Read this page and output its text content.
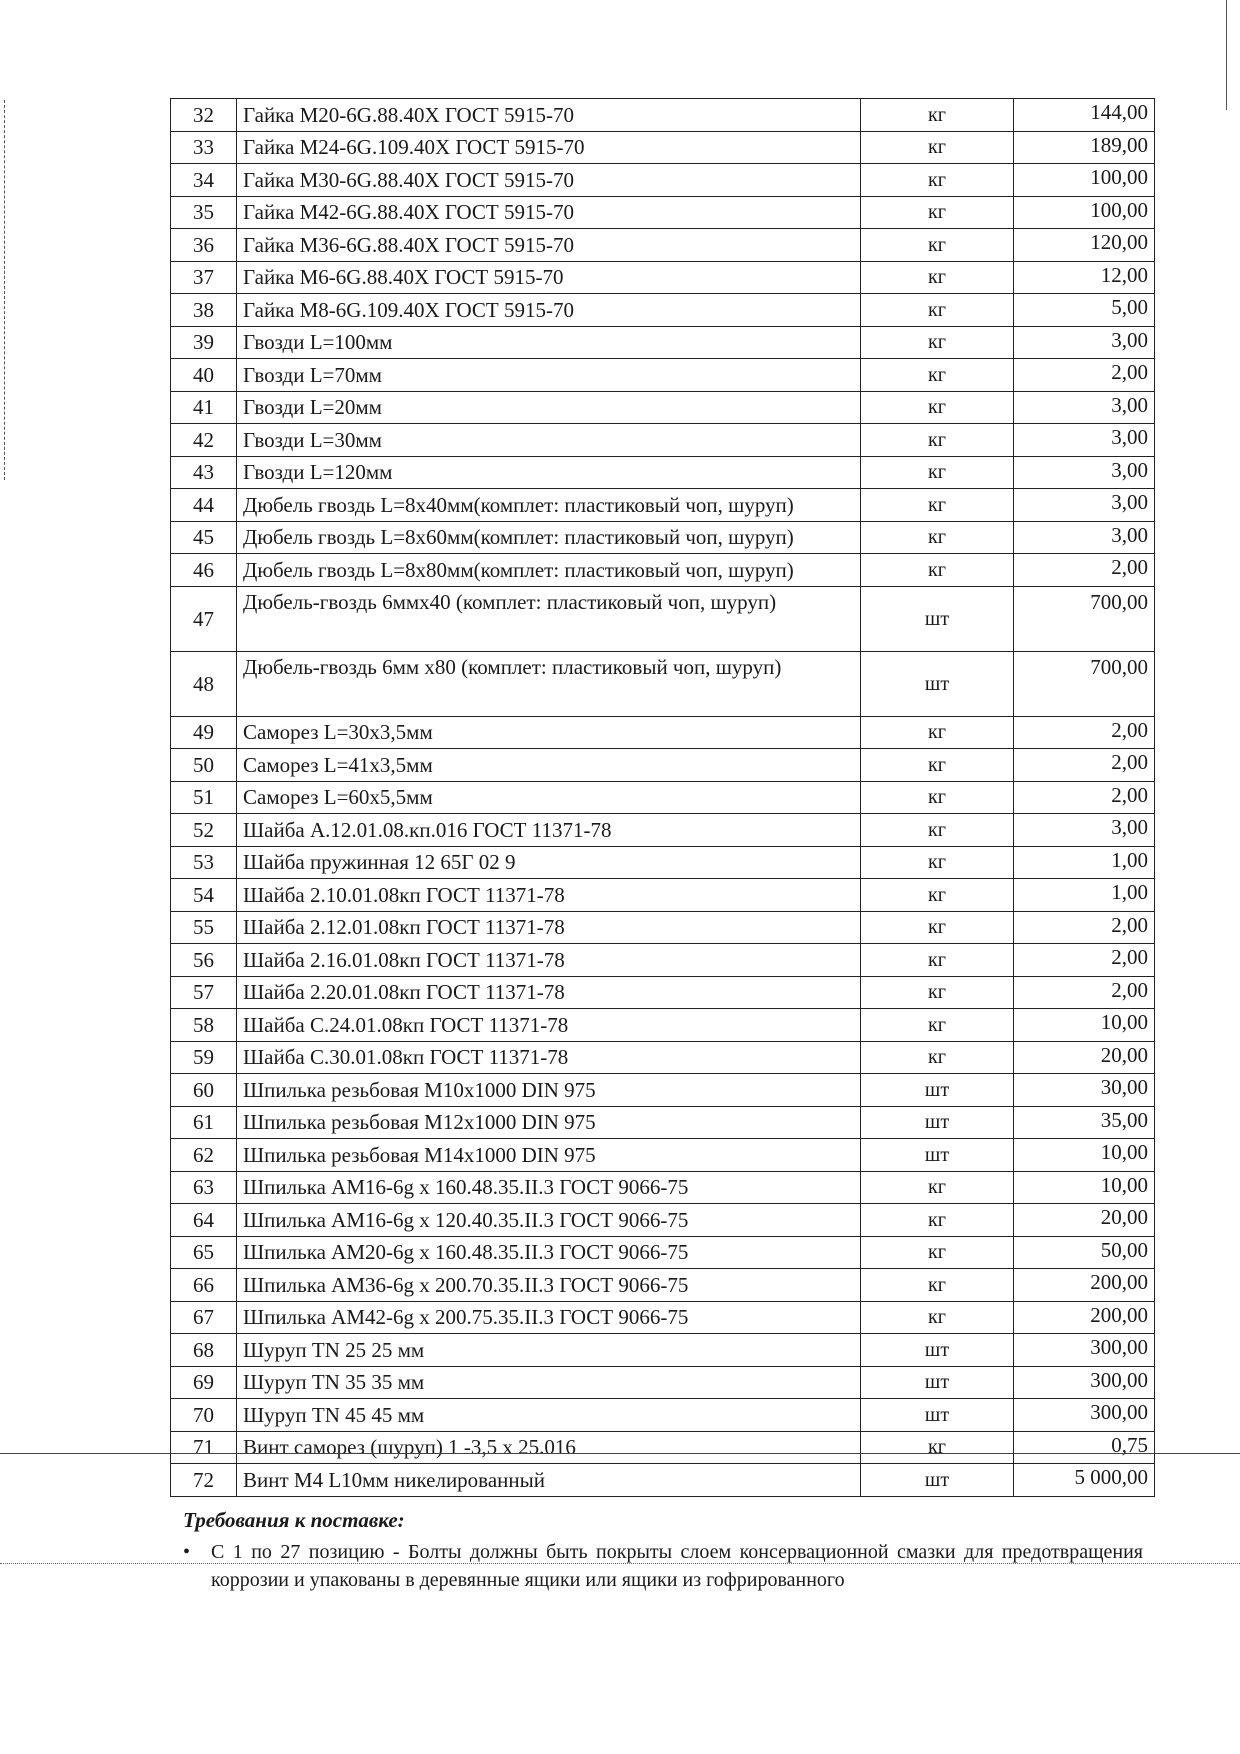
32	Гайка М20-6G.88.40Х ГОСТ 5915-70	кг	144,00
33	Гайка М24-6G.109.40Х ГОСТ 5915-70	кг	189,00
34	Гайка М30-6G.88.40Х ГОСТ 5915-70	кг	100,00
35	Гайка М42-6G.88.40Х ГОСТ 5915-70	кг	100,00
36	Гайка М36-6G.88.40Х ГОСТ 5915-70	кг	120,00
37	Гайка М6-6G.88.40Х ГОСТ 5915-70	кг	12,00
38	Гайка М8-6G.109.40Х ГОСТ 5915-70	кг	5,00
39	Гвозди L=100мм	кг	3,00
40	Гвозди L=70мм	кг	2,00
41	Гвозди L=20мм	кг	3,00
42	Гвозди L=30мм	кг	3,00
43	Гвозди L=120мм	кг	3,00
44	Дюбель гвоздь L=8х40мм(комплет: пластиковый чоп, шуруп)	кг	3,00
45	Дюбель гвоздь L=8х60мм(комплет: пластиковый чоп, шуруп)	кг	3,00
46	Дюбель гвоздь L=8х80мм(комплет: пластиковый чоп, шуруп)	кг	2,00
47	Дюбель-гвоздь 6ммх40 (комплет: пластиковый чоп, шуруп)	шт	700,00
48	Дюбель-гвоздь 6мм х80 (комплет: пластиковый чоп, шуруп)	шт	700,00
49	Саморез L=30х3,5мм	кг	2,00
50	Саморез L=41х3,5мм	кг	2,00
51	Саморез L=60х5,5мм	кг	2,00
52	Шайба А.12.01.08.кп.016 ГОСТ 11371-78	кг	3,00
53	Шайба пружинная 12 65Г 02 9	кг	1,00
54	Шайба 2.10.01.08кп ГОСТ 11371-78	кг	1,00
55	Шайба 2.12.01.08кп ГОСТ 11371-78	кг	2,00
56	Шайба 2.16.01.08кп ГОСТ 11371-78	кг	2,00
57	Шайба 2.20.01.08кп ГОСТ 11371-78	кг	2,00
58	Шайба С.24.01.08кп ГОСТ 11371-78	кг	10,00
59	Шайба С.30.01.08кп ГОСТ 11371-78	кг	20,00
60	Шпилька резьбовая М10х1000 DIN 975	шт	30,00
61	Шпилька резьбовая М12х1000 DIN 975	шт	35,00
62	Шпилька резьбовая М14х1000 DIN 975	шт	10,00
63	Шпилька АМ16-6g х 160.48.35.II.3 ГОСТ 9066-75	кг	10,00
64	Шпилька АМ16-6g х 120.40.35.II.3 ГОСТ 9066-75	кг	20,00
65	Шпилька АМ20-6g х 160.48.35.II.3 ГОСТ 9066-75	кг	50,00
66	Шпилька АМ36-6g х 200.70.35.II.3 ГОСТ 9066-75	кг	200,00
67	Шпилька АМ42-6g х 200.75.35.II.3 ГОСТ 9066-75	кг	200,00
68	Шуруп TN 25 25 мм	шт	300,00
69	Шуруп TN 35 35 мм	шт	300,00
70	Шуруп TN 45 45 мм	шт	300,00
71	Винт саморез (шуруп) 1 -3,5 х 25.016	кг	0,75
72	Винт М4 L10мм никелированный	шт	5 000,00
Требования к поставке:
• С 1 по 27 позицию - Болты должны быть покрыты слоем консервационной смазки для предотвращения коррозии и упакованы в деревянные ящики или ящики из гофрированного
